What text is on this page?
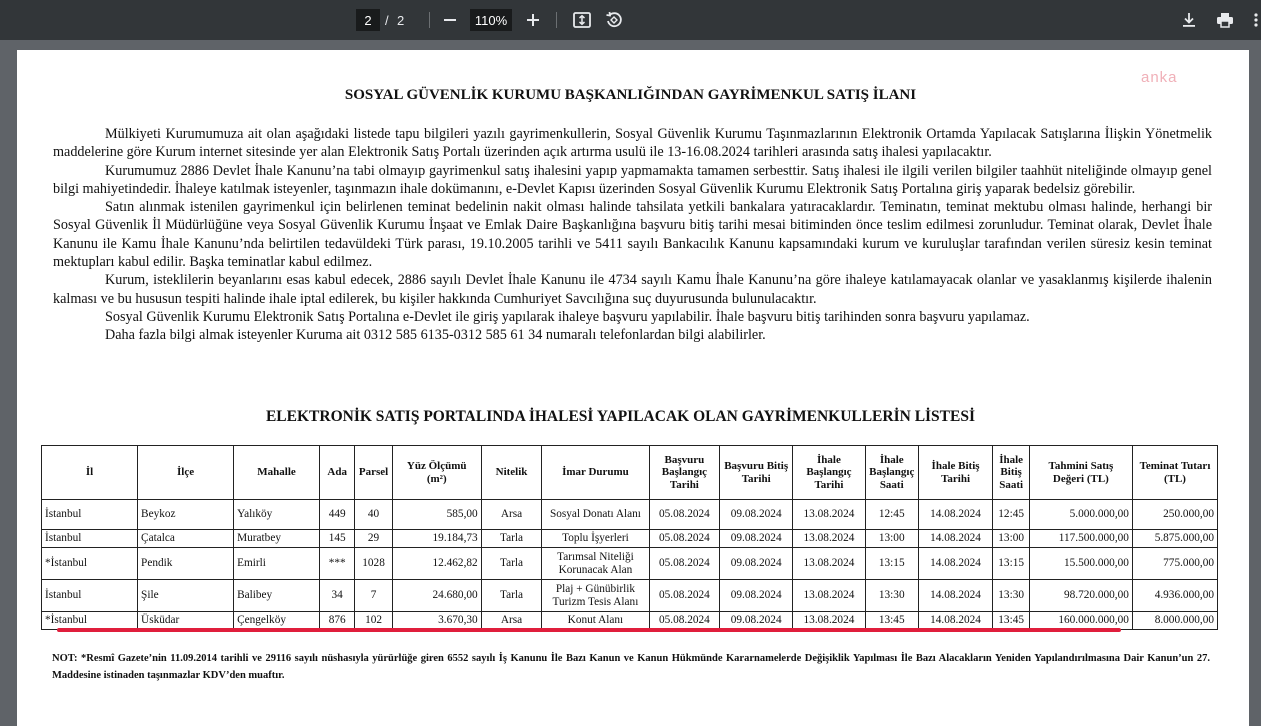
2	/ 2	110%
anka
SOSYAL GÜVENLİK KURUMU BAŞKANLIĞINDAN GAYRİMENKUL SATIŞ İLANI

Mülkiyeti Kurumumuza ait olan aşağıdaki listede tapu bilgileri yazılı gayrimenkullerin, Sosyal Güvenlik Kurumu Taşınmazlarının Elektronik Ortamda Yapılacak Satışlarına İlişkin Yönetmelik maddelerine göre Kurum internet sitesinde yer alan Elektronik Satış Portalı üzerinden açık artırma usulü ile 13-16.08.2024 tarihleri arasında satış ihalesi yapılacaktır.

Kurumumuz 2886 Devlet İhale Kanunu’na tabi olmayıp gayrimenkul satış ihalesini yapıp yapmamakta tamamen serbesttir. Satış ihalesi ile ilgili verilen bilgiler taahhüt niteliğinde olmayıp genel bilgi mahiyetindedir. İhaleye katılmak isteyenler, taşınmazın ihale dokümanını, e-Devlet Kapısı üzerinden Sosyal Güvenlik Kurumu Elektronik Satış Portalına giriş yaparak bedelsiz görebilir.

Satın alınmak istenilen gayrimenkul için belirlenen teminat bedelinin nakit olması halinde tahsilata yetkili bankalara yatıracaklardır. Teminatın, teminat mektubu olması halinde, herhangi bir Sosyal Güvenlik İl Müdürlüğüne veya Sosyal Güvenlik Kurumu İnşaat ve Emlak Daire Başkanlığına başvuru bitiş tarihi mesai bitiminden önce teslim edilmesi zorunludur. Teminat olarak, Devlet İhale Kanunu ile Kamu İhale Kanunu’nda belirtilen tedavüldeki Türk parası, 19.10.2005 tarihli ve 5411 sayılı Bankacılık Kanunu kapsamındaki kurum ve kuruluşlar tarafından verilen süresiz kesin teminat mektupları kabul edilir. Başka teminatlar kabul edilmez.

Kurum, isteklilerin beyanlarını esas kabul edecek, 2886 sayılı Devlet İhale Kanunu ile 4734 sayılı Kamu İhale Kanunu’na göre ihaleye katılamayacak olanlar ve yasaklanmış kişilerde ihalenin kalması ve bu hususun tespiti halinde ihale iptal edilerek, bu kişiler hakkında Cumhuriyet Savcılığına suç duyurusunda bulunulacaktır.

Sosyal Güvenlik Kurumu Elektronik Satış Portalına e-Devlet ile giriş yapılarak ihaleye başvuru yapılabilir. İhale başvuru bitiş tarihinden sonra başvuru yapılamaz.

Daha fazla bilgi almak isteyenler Kuruma ait 0312 585 6135-0312 585 61 34 numaralı telefonlardan bilgi alabilirler.

ELEKTRONİK SATIŞ PORTALINDA İHALESİ YAPILACAK OLAN GAYRİMENKULLERİN LİSTESİ
İl	İlçe	Mahalle	Ada	Parsel	Yüz Ölçümü (m²)	Nitelik	İmar Durumu	Başvuru Başlangıç Tarihi	Başvuru Bitiş Tarihi	İhale Başlangıç Tarihi	İhale Başlangıç Saati	İhale Bitiş Tarihi	İhale Bitiş Saati	Tahmini Satış Değeri (TL)	Teminat Tutarı (TL)
İstanbul	Beykoz	Yalıköy	449	40	585,00	Arsa	Sosyal Donatı Alanı	05.08.2024	09.08.2024	13.08.2024	12:45	14.08.2024	12:45	5.000.000,00	250.000,00
İstanbul	Çatalca	Muratbey	145	29	19.184,73	Tarla	Toplu İşyerleri	05.08.2024	09.08.2024	13.08.2024	13:00	14.08.2024	13:00	117.500.000,00	5.875.000,00
*İstanbul	Pendik	Emirli	***	1028	12.462,82	Tarla	Tarımsal Niteliği Korunacak Alan	05.08.2024	09.08.2024	13.08.2024	13:15	14.08.2024	13:15	15.500.000,00	775.000,00
İstanbul	Şile	Balibey	34	7	24.680,00	Tarla	Plaj + Günübirlik Turizm Tesis Alanı	05.08.2024	09.08.2024	13.08.2024	13:30	14.08.2024	13:30	98.720.000,00	4.936.000,00
*İstanbul	Üsküdar	Çengelköy	876	102	3.670,30	Arsa	Konut Alanı	05.08.2024	09.08.2024	13.08.2024	13:45	14.08.2024	13:45	160.000.000,00	8.000.000,00
NOT: *Resmî Gazete’nin 11.09.2014 tarihli ve 29116 sayılı nüshasıyla yürürlüğe giren 6552 sayılı İş Kanunu İle Bazı Kanun ve Kanun Hükmünde Kararnamelerde Değişiklik Yapılması İle Bazı Alacakların Yeniden Yapılandırılmasına Dair Kanun’un 27. Maddesine istinaden taşınmazlar KDV’den muaftır.
